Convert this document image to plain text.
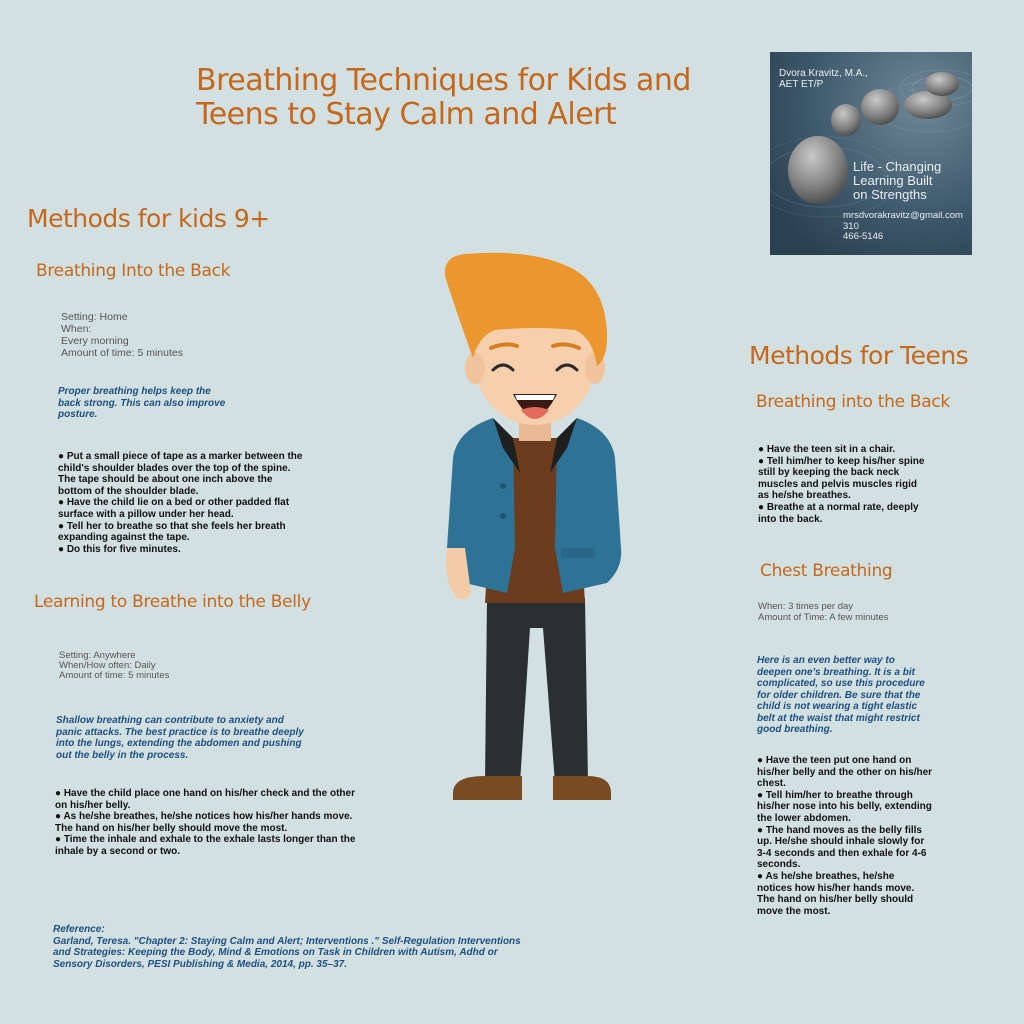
Breathing Techniques for Kids and
Teens to Stay Calm and Alert
Methods for kids 9+
Breathing Into the Back
Setting: Home
When:
Every morning
Amount of time: 5 minutes
Proper breathing helps keep the
back strong. This can also improve
posture.
● Put a small piece of tape as a marker between the
child's shoulder blades over the top of the spine.
The tape should be about one inch above the
bottom of the shoulder blade.
● Have the child lie on a bed or other padded flat
surface with a pillow under her head.
● Tell her to breathe so that she feels her breath
expanding against the tape.
● Do this for five minutes.
Learning to Breathe into the Belly
Setting: Anywhere
When/How often: Daily
Amount of time: 5 minutes
Shallow breathing can contribute to anxiety and
panic attacks. The best practice is to breathe deeply
into the lungs, extending the abdomen and pushing
out the belly in the process.
● Have the child place one hand on his/her check and the other
on his/her belly.
● As he/she breathes, he/she notices how his/her hands move.
The hand on his/her belly should move the most.
● Time the inhale and exhale to the exhale lasts longer than the
inhale by a second or two.
Reference:
Garland, Teresa. "Chapter 2: Staying Calm and Alert; Interventions ." Self-Regulation Interventions
and Strategies: Keeping the Body, Mind & Emotions on Task in Children with Autism, Adhd or
Sensory Disorders, PESI Publishing & Media, 2014, pp. 35–37.
Methods for Teens
Breathing into the Back
● Have the teen sit in a chair.
● Tell him/her to keep his/her spine
still by keeping the back neck
muscles and pelvis muscles rigid
as he/she breathes.
● Breathe at a normal rate, deeply
into the back.
Chest Breathing
When: 3 times per day
Amount of Time: A few minutes
Here is an even better way to
deepen one's breathing. It is a bit
complicated, so use this procedure
for older children. Be sure that the
child is not wearing a tight elastic
belt at the waist that might restrict
good breathing.
● Have the teen put one hand on
his/her belly and the other on his/her
chest.
● Tell him/her to breathe through
his/her nose into his belly, extending
the lower abdomen.
● The hand moves as the belly fills
up. He/she should inhale slowly for
3-4 seconds and then exhale for 4-6
seconds.
● As he/she breathes, he/she
notices how his/her hands move.
The hand on his/her belly should
move the most.
Dvora Kravitz, M.A.,
AET ET/P
Life - Changing
Learning Built
on Strengths
mrsdvorakravitz@gmail.com
310
466-5146
